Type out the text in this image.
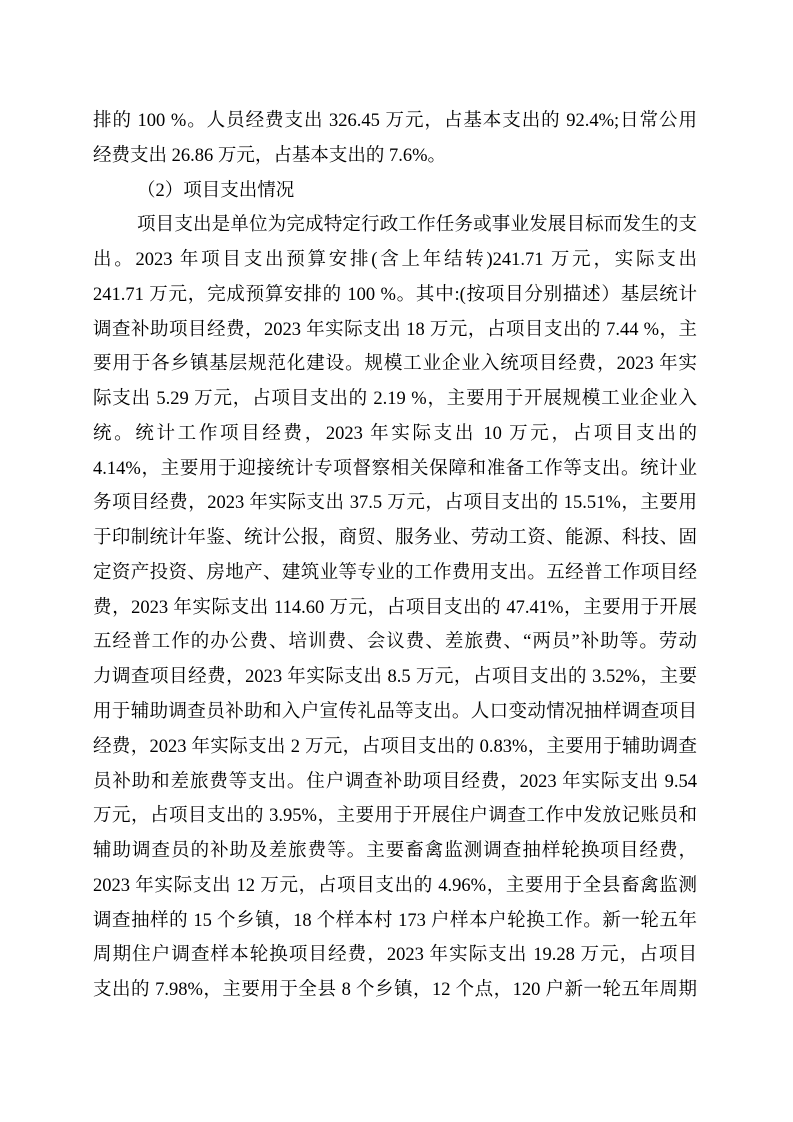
排的 100 %。人员经费支出 326.45 万元，占基本支出的 92.4%;日常公用
经费支出 26.86 万元，占基本支出的 7.6%。
（2）项目支出情况
项目支出是单位为完成特定行政工作任务或事业发展目标而发生的支
出。2023 年项目支出预算安排(含上年结转)241.71 万元，实际支出
241.71 万元，完成预算安排的 100 %。其中:(按项目分别描述）基层统计
调查补助项目经费，2023 年实际支出 18 万元，占项目支出的 7.44 %，主
要用于各乡镇基层规范化建设。规模工业企业入统项目经费，2023 年实
际支出 5.29 万元，占项目支出的 2.19 %，主要用于开展规模工业企业入
统。统计工作项目经费，2023 年实际支出 10 万元，占项目支出的
4.14%，主要用于迎接统计专项督察相关保障和准备工作等支出。统计业
务项目经费，2023 年实际支出 37.5 万元，占项目支出的 15.51%，主要用
于印制统计年鉴、统计公报，商贸、服务业、劳动工资、能源、科技、固
定资产投资、房地产、建筑业等专业的工作费用支出。五经普工作项目经
费，2023 年实际支出 114.60 万元，占项目支出的 47.41%，主要用于开展
五经普工作的办公费、培训费、会议费、差旅费、“两员”补助等。劳动
力调查项目经费，2023 年实际支出 8.5 万元，占项目支出的 3.52%，主要
用于辅助调查员补助和入户宣传礼品等支出。人口变动情况抽样调查项目
经费，2023 年实际支出 2 万元，占项目支出的 0.83%，主要用于辅助调查
员补助和差旅费等支出。住户调查补助项目经费，2023 年实际支出 9.54
万元，占项目支出的 3.95%，主要用于开展住户调查工作中发放记账员和
辅助调查员的补助及差旅费等。主要畜禽监测调查抽样轮换项目经费，
2023 年实际支出 12 万元，占项目支出的 4.96%，主要用于全县畜禽监测
调查抽样的 15 个乡镇，18 个样本村 173 户样本户轮换工作。新一轮五年
周期住户调查样本轮换项目经费，2023 年实际支出 19.28 万元，占项目
支出的 7.98%，主要用于全县 8 个乡镇，12 个点，120 户新一轮五年周期
